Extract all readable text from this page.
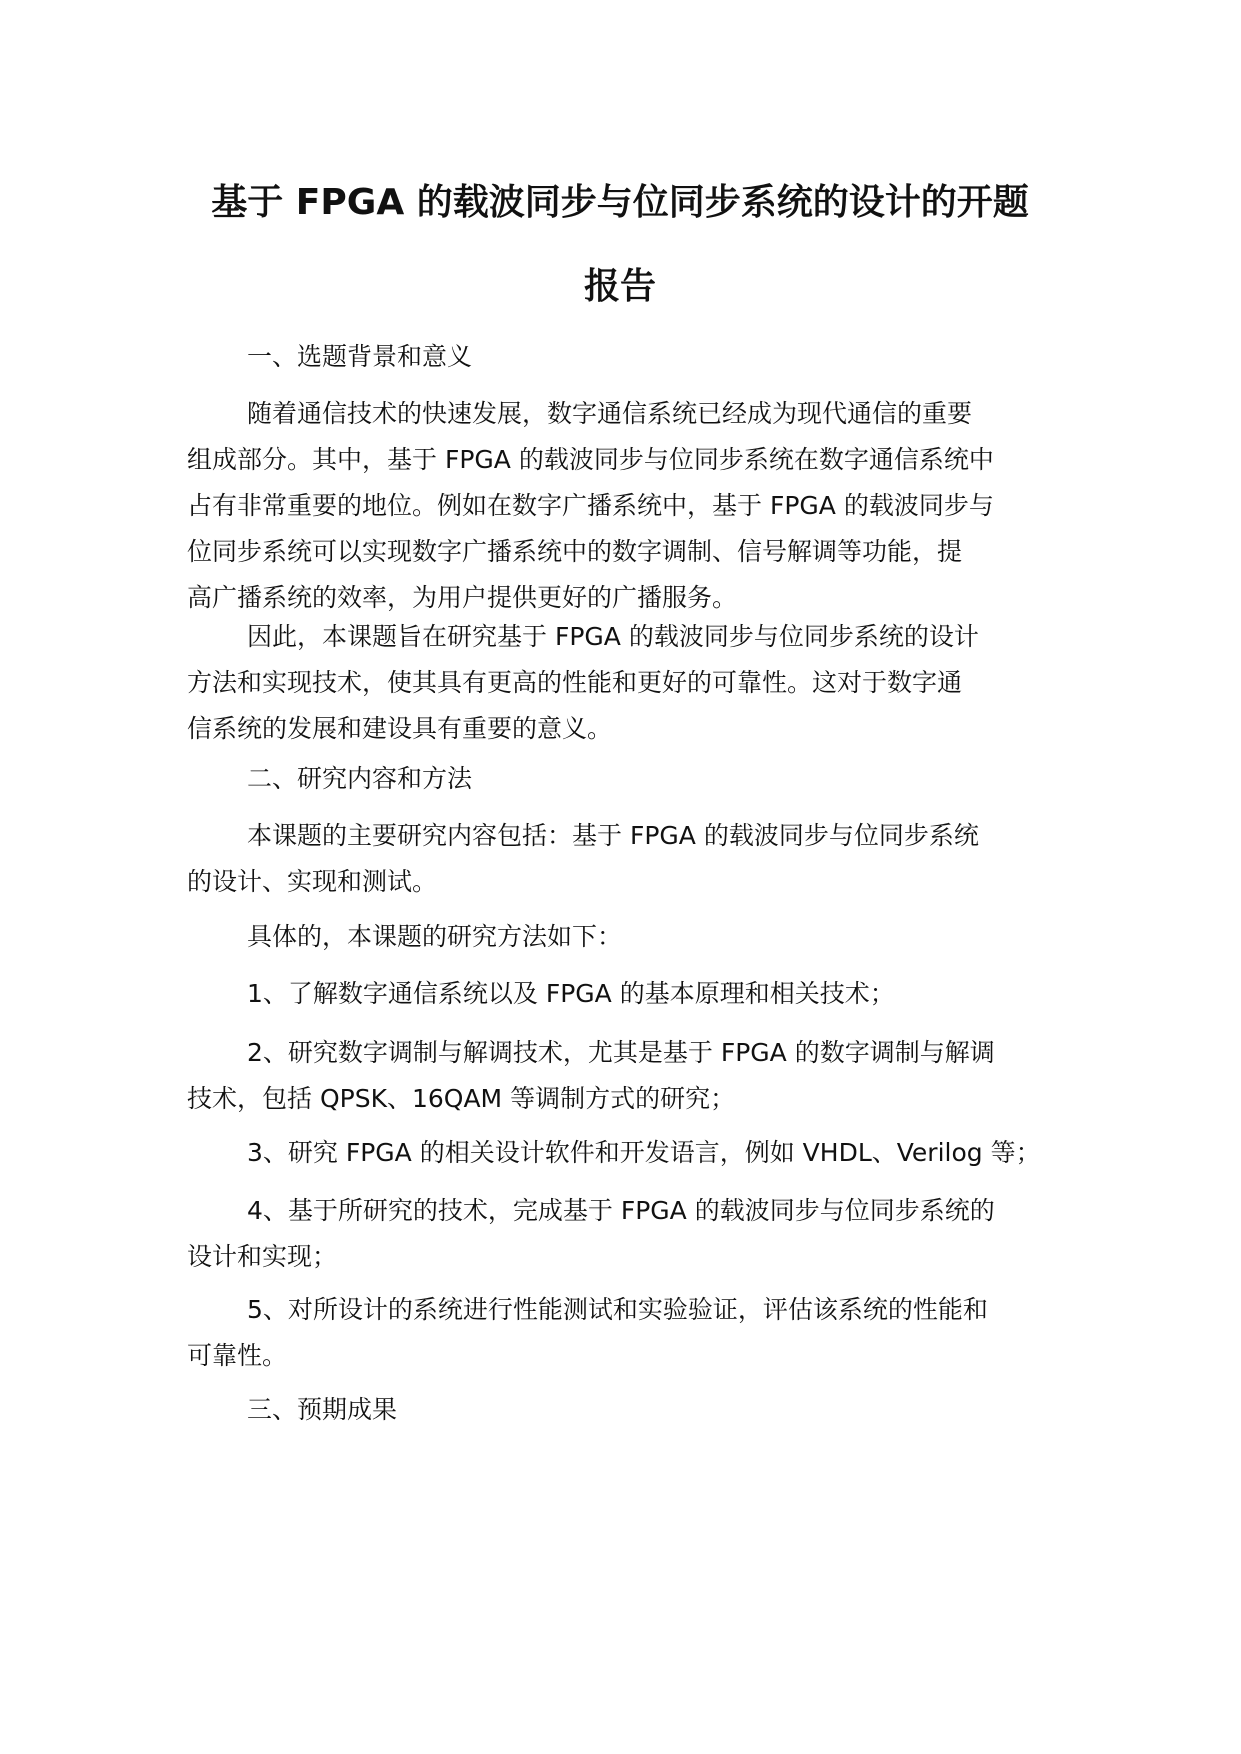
基于 FPGA 的载波同步与位同步系统的设计的开题
报告
一、选题背景和意义
随着通信技术的快速发展，数字通信系统已经成为现代通信的重要
组成部分。其中，基于 FPGA 的载波同步与位同步系统在数字通信系统中
占有非常重要的地位。例如在数字广播系统中，基于 FPGA 的载波同步与
位同步系统可以实现数字广播系统中的数字调制、信号解调等功能，提
高广播系统的效率，为用户提供更好的广播服务。
因此，本课题旨在研究基于 FPGA 的载波同步与位同步系统的设计
方法和实现技术，使其具有更高的性能和更好的可靠性。这对于数字通
信系统的发展和建设具有重要的意义。
二、研究内容和方法
本课题的主要研究内容包括：基于 FPGA 的载波同步与位同步系统
的设计、实现和测试。
具体的，本课题的研究方法如下：
1、了解数字通信系统以及 FPGA 的基本原理和相关技术；
2、研究数字调制与解调技术，尤其是基于 FPGA 的数字调制与解调
技术，包括 QPSK、16QAM 等调制方式的研究；
3、研究 FPGA 的相关设计软件和开发语言，例如 VHDL、Verilog 等；
4、基于所研究的技术，完成基于 FPGA 的载波同步与位同步系统的
设计和实现；
5、对所设计的系统进行性能测试和实验验证，评估该系统的性能和
可靠性。
三、预期成果
